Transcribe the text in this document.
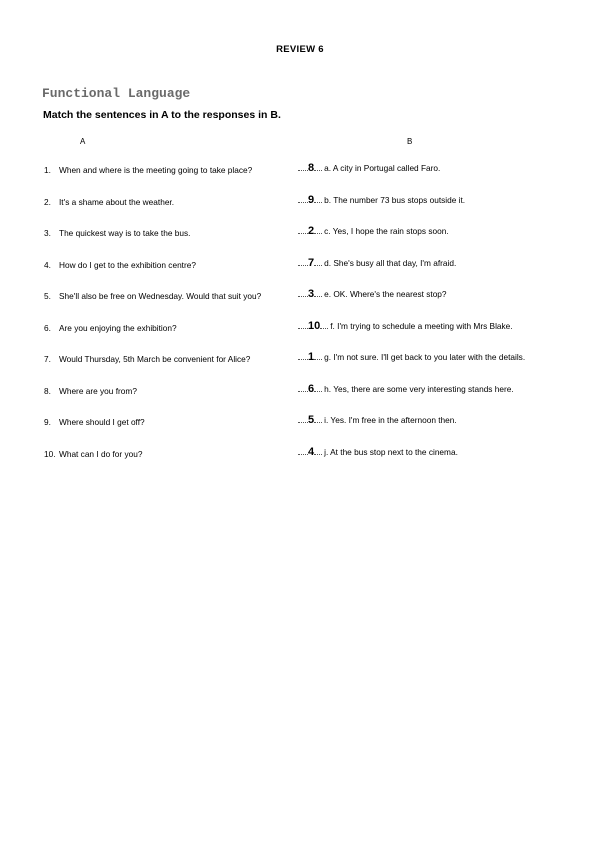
REVIEW 6
Functional Language
Match the sentences in A to the responses in B.
A	B
1. When and where is the meeting going to take place?	8 a. A city in Portugal called Faro.
2. It's a shame about the weather.	9 b. The number 73 bus stops outside it.
3. The quickest way is to take the bus.	2 c. Yes, I hope the rain stops soon.
4. How do I get to the exhibition centre?	7 d. She's busy all that day, I'm afraid.
5. She'll also be free on Wednesday. Would that suit you?	3 e. OK. Where's the nearest stop?
6. Are you enjoying the exhibition?	10 f. I'm trying to schedule a meeting with Mrs Blake.
7. Would Thursday, 5th March be convenient for Alice?	1 g. I'm not sure. I'll get back to you later with the details.
8. Where are you from?	6 h. Yes, there are some very interesting stands here.
9. Where should I get off?	5 i. Yes. I'm free in the afternoon then.
10. What can I do for you?	4 j. At the bus stop next to the cinema.
